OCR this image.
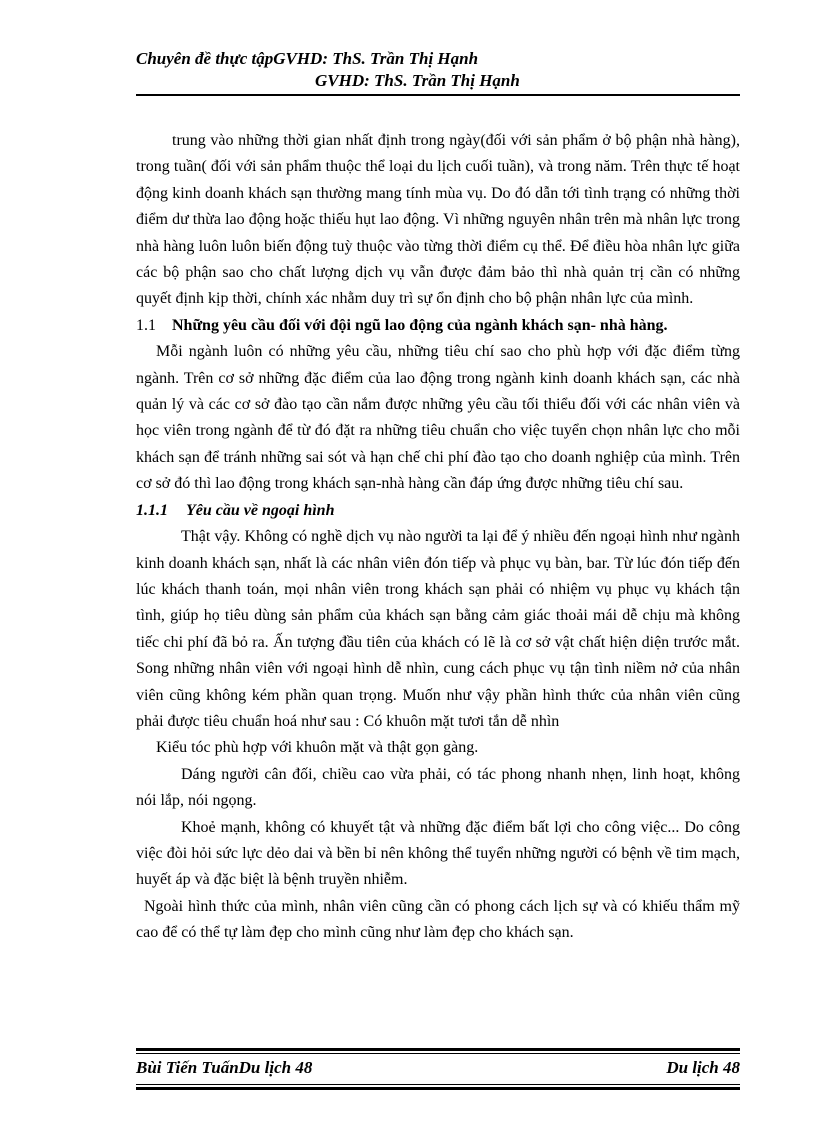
Chuyên đề thực tậpGVHD: ThS. Trần Thị Hạnh
GVHD: ThS. Trần Thị Hạnh

trung vào những thời gian nhất định trong ngày(đối với sản phẩm ở bộ phận nhà hàng), trong tuần( đối với sản phẩm thuộc thể loại du lịch cuối tuần), và trong năm. Trên thực tế hoạt động kinh doanh khách sạn thường mang tính mùa vụ. Do đó dẫn tới tình trạng có những thời điểm dư thừa lao động hoặc thiếu hụt lao động. Vì những nguyên nhân trên mà nhân lực trong nhà hàng luôn luôn biến động tuỳ thuộc vào từng thời điểm cụ thể. Để điều hòa nhân lực giữa các bộ phận sao cho chất lượng dịch vụ vẫn được đảm bảo thì nhà quản trị cần có những quyết định kịp thời, chính xác nhằm duy trì sự ổn định cho bộ phận nhân lực của mình.

1.1 Những yêu cầu đối với đội ngũ lao động của ngành khách sạn- nhà hàng.

Mỗi ngành luôn có những yêu cầu, những tiêu chí sao cho phù hợp với đặc điểm từng ngành. Trên cơ sở những đặc điểm của lao động trong ngành kinh doanh khách sạn, các nhà quản lý và các cơ sở đào tạo cần nắm được những yêu cầu tối thiểu đối với các nhân viên và học viên trong ngành để từ đó đặt ra những tiêu chuẩn cho việc tuyển chọn nhân lực cho mỗi khách sạn để tránh những sai sót và hạn chế chi phí đào tạo cho doanh nghiệp của mình. Trên cơ sở đó thì lao động trong khách sạn-nhà hàng cần đáp ứng được những tiêu chí sau.

1.1.1 Yêu cầu về ngoại hình

Thật vậy. Không có nghề dịch vụ nào người ta lại để ý nhiều đến ngoại hình như ngành kinh doanh khách sạn, nhất là các nhân viên đón tiếp và phục vụ bàn, bar. Từ lúc đón tiếp đến lúc khách thanh toán, mọi nhân viên trong khách sạn phải có nhiệm vụ phục vụ khách tận tình, giúp họ tiêu dùng sản phẩm của khách sạn bằng cảm giác thoải mái dễ chịu mà không tiếc chi phí đã bỏ ra. Ấn tượng đầu tiên của khách có lẽ là cơ sở vật chất hiện diện trước mắt. Song những nhân viên với ngoại hình dễ nhìn, cung cách phục vụ tận tình niềm nở của nhân viên cũng không kém phần quan trọng. Muốn như vậy phần hình thức của nhân viên cũng phải được tiêu chuẩn hoá như sau : Có khuôn mặt tươi tắn dễ nhìn

Kiểu tóc phù hợp với khuôn mặt và thật gọn gàng.

Dáng người cân đối, chiều cao vừa phải, có tác phong nhanh nhẹn, linh hoạt, không nói lắp, nói ngọng.

Khoẻ mạnh, không có khuyết tật và những đặc điểm bất lợi cho công việc... Do công việc đòi hỏi sức lực dẻo dai và bền bỉ nên không thể tuyển những người có bệnh về tim mạch, huyết áp và đặc biệt là bệnh truyền nhiễm.

Ngoài hình thức của mình, nhân viên cũng cần có phong cách lịch sự và có khiếu thẩm mỹ cao để có thể tự làm đẹp cho mình cũng như làm đẹp cho khách sạn.

Bùi Tiến TuấnDu lịch 48	Du lịch 48
